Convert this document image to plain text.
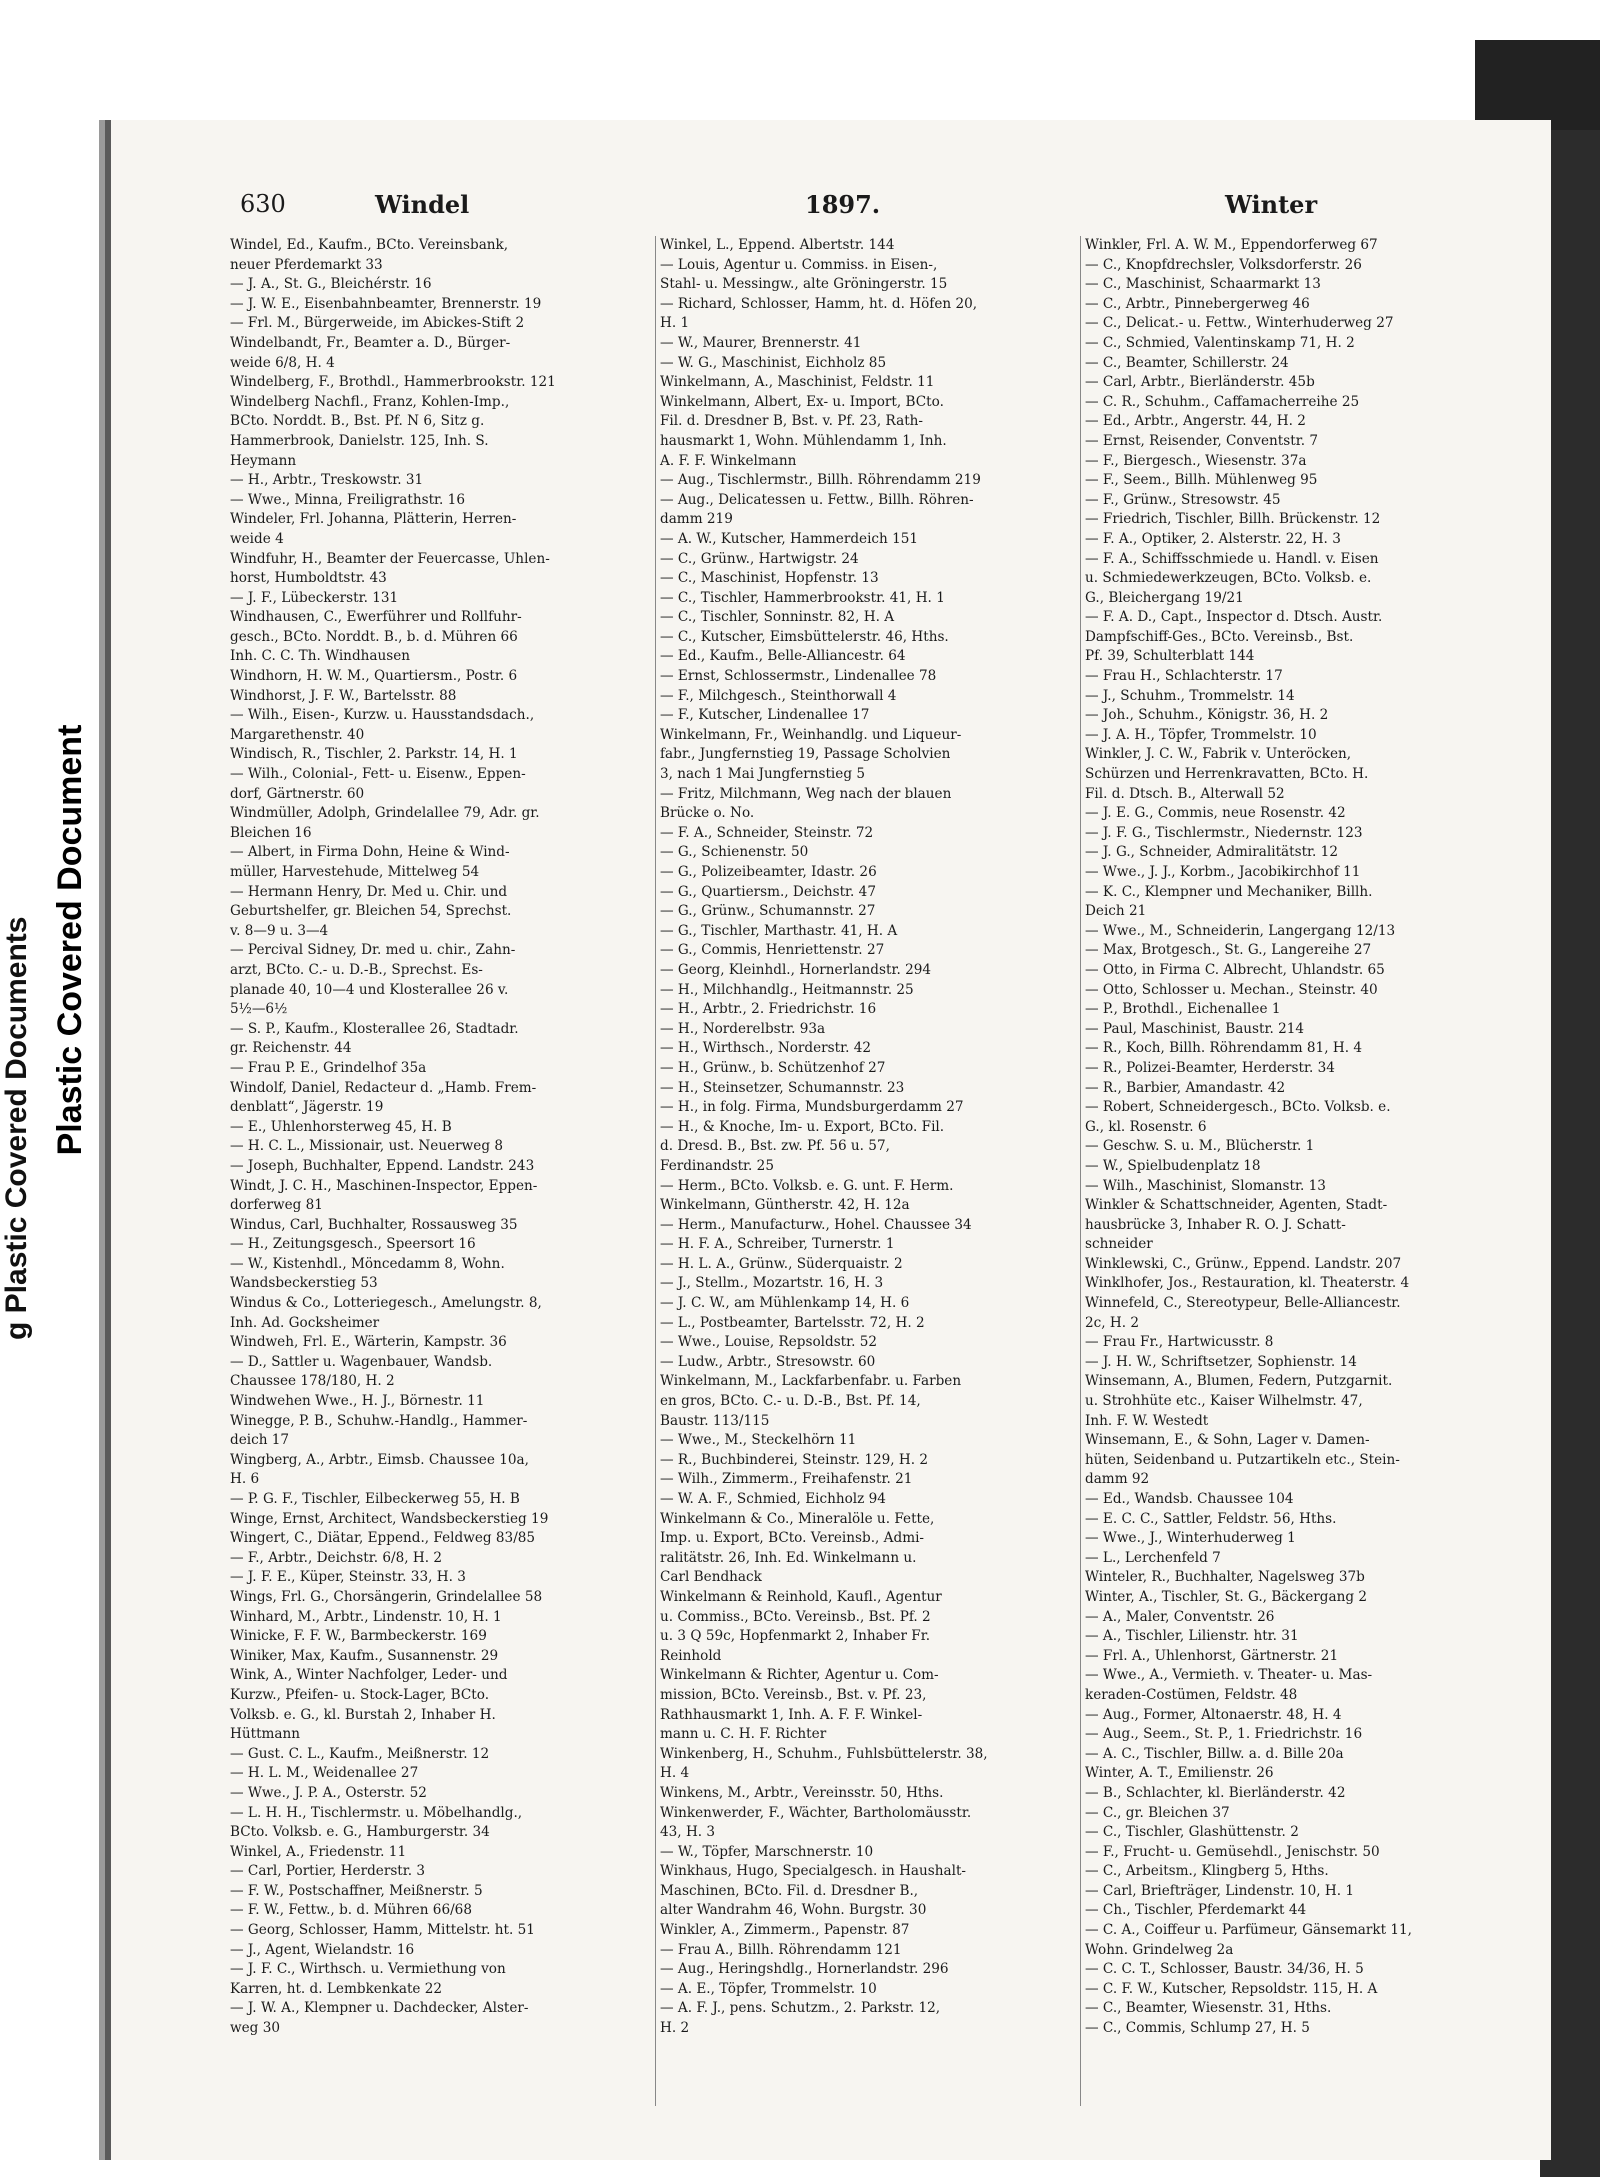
g Plastic Covered Documents Plastic Covered Document
630	Windel	1897.	Winter
Windel, Ed., Kaufm., BCto. Vereinsbank,
neuer Pferdemarkt 33
— J. A., St. G., Bleichérstr. 16
— J. W. E., Eisenbahnbeamter, Brennerstr. 19
— Frl. M., Bürgerweide, im Abickes-Stift 2
Windelbandt, Fr., Beamter a. D., Bürger-
weide 6/8, H. 4
Windelberg, F., Brothdl., Hammerbrookstr. 121
Windelberg Nachfl., Franz, Kohlen-Imp.,
BCto. Norddt. B., Bst. Pf. N 6, Sitz g.
Hammerbrook, Danielstr. 125, Inh. S.
Heymann
— H., Arbtr., Treskowstr. 31
— Wwe., Minna, Freiligrathstr. 16
Windeler, Frl. Johanna, Plätterin, Herren-
weide 4
Windfuhr, H., Beamter der Feuercasse, Uhlen-
horst, Humboldtstr. 43
— J. F., Lübeckerstr. 131
Windhausen, C., Ewerführer und Rollfuhr-
gesch., BCto. Norddt. B., b. d. Mühren 66
Inh. C. C. Th. Windhausen
Windhorn, H. W. M., Quartiersm., Postr. 6
Windhorst, J. F. W., Bartelsstr. 88
— Wilh., Eisen-, Kurzw. u. Hausstandsdach.,
Margarethenstr. 40
Windisch, R., Tischler, 2. Parkstr. 14, H. 1
— Wilh., Colonial-, Fett- u. Eisenw., Eppen-
dorf, Gärtnerstr. 60
Windmüller, Adolph, Grindelallee 79, Adr. gr.
Bleichen 16
— Albert, in Firma Dohn, Heine & Wind-
müller, Harvestehude, Mittelweg 54
— Hermann Henry, Dr. Med u. Chir. und
Geburtshelfer, gr. Bleichen 54, Sprechst.
v. 8—9 u. 3—4
— Percival Sidney, Dr. med u. chir., Zahn-
arzt, BCto. C.- u. D.-B., Sprechst. Es-
planade 40, 10—4 und Klosterallee 26 v.
5½—6½
— S. P., Kaufm., Klosterallee 26, Stadtadr.
gr. Reichenstr. 44
— Frau P. E., Grindelhof 35a
Windolf, Daniel, Redacteur d. „Hamb. Frem-
denblatt“, Jägerstr. 19
— E., Uhlenhorsterweg 45, H. B
— H. C. L., Missionair, ust. Neuerweg 8
— Joseph, Buchhalter, Eppend. Landstr. 243
Windt, J. C. H., Maschinen-Inspector, Eppen-
dorferweg 81
Windus, Carl, Buchhalter, Rossausweg 35
— H., Zeitungsgesch., Speersort 16
— W., Kistenhdl., Möncedamm 8, Wohn.
Wandsbeckerstieg 53
Windus & Co., Lotteriegesch., Amelungstr. 8,
Inh. Ad. Gocksheimer
Windweh, Frl. E., Wärterin, Kampstr. 36
— D., Sattler u. Wagenbauer, Wandsb.
Chaussee 178/180, H. 2
Windwehen Wwe., H. J., Börnestr. 11
Winegge, P. B., Schuhw.-Handlg., Hammer-
deich 17
Wingberg, A., Arbtr., Eimsb. Chaussee 10a,
H. 6
— P. G. F., Tischler, Eilbeckerweg 55, H. B
Winge, Ernst, Architect, Wandsbeckerstieg 19
Wingert, C., Diätar, Eppend., Feldweg 83/85
— F., Arbtr., Deichstr. 6/8, H. 2
— J. F. E., Küper, Steinstr. 33, H. 3
Wings, Frl. G., Chorsängerin, Grindelallee 58
Winhard, M., Arbtr., Lindenstr. 10, H. 1
Winicke, F. F. W., Barmbeckerstr. 169
Winiker, Max, Kaufm., Susannenstr. 29
Wink, A., Winter Nachfolger, Leder- und
Kurzw., Pfeifen- u. Stock-Lager, BCto.
Volksb. e. G., kl. Burstah 2, Inhaber H.
Hüttmann
— Gust. C. L., Kaufm., Meißnerstr. 12
— H. L. M., Weidenallee 27
— Wwe., J. P. A., Osterstr. 52
— L. H. H., Tischlermstr. u. Möbelhandlg.,
BCto. Volksb. e. G., Hamburgerstr. 34
Winkel, A., Friedenstr. 11
— Carl, Portier, Herderstr. 3
— F. W., Postschaffner, Meißnerstr. 5
— F. W., Fettw., b. d. Mühren 66/68
— Georg, Schlosser, Hamm, Mittelstr. ht. 51
— J., Agent, Wielandstr. 16
— J. F. C., Wirthsch. u. Vermiethung von
Karren, ht. d. Lembkenkate 22
— J. W. A., Klempner u. Dachdecker, Alster-
weg 30
Winkel, L., Eppend. Albertstr. 144
— Louis, Agentur u. Commiss. in Eisen-,
Stahl- u. Messingw., alte Gröningerstr. 15
— Richard, Schlosser, Hamm, ht. d. Höfen 20,
H. 1
— W., Maurer, Brennerstr. 41
— W. G., Maschinist, Eichholz 85
Winkelmann, A., Maschinist, Feldstr. 11
Winkelmann, Albert, Ex- u. Import, BCto.
Fil. d. Dresdner B, Bst. v. Pf. 23, Rath-
hausmarkt 1, Wohn. Mühlendamm 1, Inh.
A. F. F. Winkelmann
— Aug., Tischlermstr., Billh. Röhrendamm 219
— Aug., Delicatessen u. Fettw., Billh. Röhren-
damm 219
— A. W., Kutscher, Hammerdeich 151
— C., Grünw., Hartwigstr. 24
— C., Maschinist, Hopfenstr. 13
— C., Tischler, Hammerbrookstr. 41, H. 1
— C., Tischler, Sonninstr. 82, H. A
— C., Kutscher, Eimsbüttelerstr. 46, Hths.
— Ed., Kaufm., Belle-Alliancestr. 64
— Ernst, Schlossermstr., Lindenallee 78
— F., Milchgesch., Steinthorwall 4
— F., Kutscher, Lindenallee 17
Winkelmann, Fr., Weinhandlg. und Liqueur-
fabr., Jungfernstieg 19, Passage Scholvien
3, nach 1 Mai Jungfernstieg 5
— Fritz, Milchmann, Weg nach der blauen
Brücke o. No.
— F. A., Schneider, Steinstr. 72
— G., Schienenstr. 50
— G., Polizeibeamter, Idastr. 26
— G., Quartiersm., Deichstr. 47
— G., Grünw., Schumannstr. 27
— G., Tischler, Marthastr. 41, H. A
— G., Commis, Henriettenstr. 27
— Georg, Kleinhdl., Hornerlandstr. 294
— H., Milchhandlg., Heitmannstr. 25
— H., Arbtr., 2. Friedrichstr. 16
— H., Norderelbstr. 93a
— H., Wirthsch., Norderstr. 42
— H., Grünw., b. Schützenhof 27
— H., Steinsetzer, Schumannstr. 23
— H., in folg. Firma, Mundsburgerdamm 27
— H., & Knoche, Im- u. Export, BCto. Fil.
d. Dresd. B., Bst. zw. Pf. 56 u. 57,
Ferdinandstr. 25
— Herm., BCto. Volksb. e. G. unt. F. Herm.
Winkelmann, Güntherstr. 42, H. 12a
— Herm., Manufacturw., Hohel. Chaussee 34
— H. F. A., Schreiber, Turnerstr. 1
— H. L. A., Grünw., Süderquaistr. 2
— J., Stellm., Mozartstr. 16, H. 3
— J. C. W., am Mühlenkamp 14, H. 6
— L., Postbeamter, Bartelsstr. 72, H. 2
— Wwe., Louise, Repsoldstr. 52
— Ludw., Arbtr., Stresowstr. 60
Winkelmann, M., Lackfarbenfabr. u. Farben
en gros, BCto. C.- u. D.-B., Bst. Pf. 14,
Baustr. 113/115
— Wwe., M., Steckelhörn 11
— R., Buchbinderei, Steinstr. 129, H. 2
— Wilh., Zimmerm., Freihafenstr. 21
— W. A. F., Schmied, Eichholz 94
Winkelmann & Co., Mineralöle u. Fette,
Imp. u. Export, BCto. Vereinsb., Admi-
ralitätstr. 26, Inh. Ed. Winkelmann u.
Carl Bendhack
Winkelmann & Reinhold, Kaufl., Agentur
u. Commiss., BCto. Vereinsb., Bst. Pf. 2
u. 3 Q 59c, Hopfenmarkt 2, Inhaber Fr.
Reinhold
Winkelmann & Richter, Agentur u. Com-
mission, BCto. Vereinsb., Bst. v. Pf. 23,
Rathhausmarkt 1, Inh. A. F. F. Winkel-
mann u. C. H. F. Richter
Winkenberg, H., Schuhm., Fuhlsbüttelerstr. 38,
H. 4
Winkens, M., Arbtr., Vereinsstr. 50, Hths.
Winkenwerder, F., Wächter, Bartholomäusstr.
43, H. 3
— W., Töpfer, Marschnerstr. 10
Winkhaus, Hugo, Specialgesch. in Haushalt-
Maschinen, BCto. Fil. d. Dresdner B.,
alter Wandrahm 46, Wohn. Burgstr. 30
Winkler, A., Zimmerm., Papenstr. 87
— Frau A., Billh. Röhrendamm 121
— Aug., Heringshdlg., Hornerlandstr. 296
— A. E., Töpfer, Trommelstr. 10
— A. F. J., pens. Schutzm., 2. Parkstr. 12,
H. 2
Winkler, Frl. A. W. M., Eppendorferweg 67
— C., Knopfdrechsler, Volksdorferstr. 26
— C., Maschinist, Schaarmarkt 13
— C., Arbtr., Pinnebergerweg 46
— C., Delicat.- u. Fettw., Winterhuderweg 27
— C., Schmied, Valentinskamp 71, H. 2
— C., Beamter, Schillerstr. 24
— Carl, Arbtr., Bierländerstr. 45b
— C. R., Schuhm., Caffamacherreihe 25
— Ed., Arbtr., Angerstr. 44, H. 2
— Ernst, Reisender, Conventstr. 7
— F., Biergesch., Wiesenstr. 37a
— F., Seem., Billh. Mühlenweg 95
— F., Grünw., Stresowstr. 45
— Friedrich, Tischler, Billh. Brückenstr. 12
— F. A., Optiker, 2. Alsterstr. 22, H. 3
— F. A., Schiffsschmiede u. Handl. v. Eisen
u. Schmiedewerkzeugen, BCto. Volksb. e.
G., Bleichergang 19/21
— F. A. D., Capt., Inspector d. Dtsch. Austr.
Dampfschiff-Ges., BCto. Vereinsb., Bst.
Pf. 39, Schulterblatt 144
— Frau H., Schlachterstr. 17
— J., Schuhm., Trommelstr. 14
— Joh., Schuhm., Königstr. 36, H. 2
— J. A. H., Töpfer, Trommelstr. 10
Winkler, J. C. W., Fabrik v. Unteröcken,
Schürzen und Herrenkravatten, BCto. H.
Fil. d. Dtsch. B., Alterwall 52
— J. E. G., Commis, neue Rosenstr. 42
— J. F. G., Tischlermstr., Niedernstr. 123
— J. G., Schneider, Admiralitätstr. 12
— Wwe., J. J., Korbm., Jacobikirchhof 11
— K. C., Klempner und Mechaniker, Billh.
Deich 21
— Wwe., M., Schneiderin, Langergang 12/13
— Max, Brotgesch., St. G., Langereihe 27
— Otto, in Firma C. Albrecht, Uhlandstr. 65
— Otto, Schlosser u. Mechan., Steinstr. 40
— P., Brothdl., Eichenallee 1
— Paul, Maschinist, Baustr. 214
— R., Koch, Billh. Röhrendamm 81, H. 4
— R., Polizei-Beamter, Herderstr. 34
— R., Barbier, Amandastr. 42
— Robert, Schneidergesch., BCto. Volksb. e.
G., kl. Rosenstr. 6
— Geschw. S. u. M., Blücherstr. 1
— W., Spielbudenplatz 18
— Wilh., Maschinist, Slomanstr. 13
Winkler & Schattschneider, Agenten, Stadt-
hausbrücke 3, Inhaber R. O. J. Schatt-
schneider
Winklewski, C., Grünw., Eppend. Landstr. 207
Winklhofer, Jos., Restauration, kl. Theaterstr. 4
Winnefeld, C., Stereotypeur, Belle-Alliancestr.
2c, H. 2
— Frau Fr., Hartwicusstr. 8
— J. H. W., Schriftsetzer, Sophienstr. 14
Winsemann, A., Blumen, Federn, Putzgarnit.
u. Strohhüte etc., Kaiser Wilhelmstr. 47,
Inh. F. W. Westedt
Winsemann, E., & Sohn, Lager v. Damen-
hüten, Seidenband u. Putzartikeln etc., Stein-
damm 92
— Ed., Wandsb. Chaussee 104
— E. C. C., Sattler, Feldstr. 56, Hths.
— Wwe., J., Winterhuderweg 1
— L., Lerchenfeld 7
Winteler, R., Buchhalter, Nagelsweg 37b
Winter, A., Tischler, St. G., Bäckergang 2
— A., Maler, Conventstr. 26
— A., Tischler, Lilienstr. htr. 31
— Frl. A., Uhlenhorst, Gärtnerstr. 21
— Wwe., A., Vermieth. v. Theater- u. Mas-
keraden-Costümen, Feldstr. 48
— Aug., Former, Altonaerstr. 48, H. 4
— Aug., Seem., St. P., 1. Friedrichstr. 16
— A. C., Tischler, Billw. a. d. Bille 20a
Winter, A. T., Emilienstr. 26
— B., Schlachter, kl. Bierländerstr. 42
— C., gr. Bleichen 37
— C., Tischler, Glashüttenstr. 2
— F., Frucht- u. Gemüsehdl., Jenischstr. 50
— C., Arbeitsm., Klingberg 5, Hths.
— Carl, Briefträger, Lindenstr. 10, H. 1
— Ch., Tischler, Pferdemarkt 44
— C. A., Coiffeur u. Parfümeur, Gänsemarkt 11,
Wohn. Grindelweg 2a
— C. C. T., Schlosser, Baustr. 34/36, H. 5
— C. F. W., Kutscher, Repsoldstr. 115, H. A
— C., Beamter, Wiesenstr. 31, Hths.
— C., Commis, Schlump 27, H. 5
